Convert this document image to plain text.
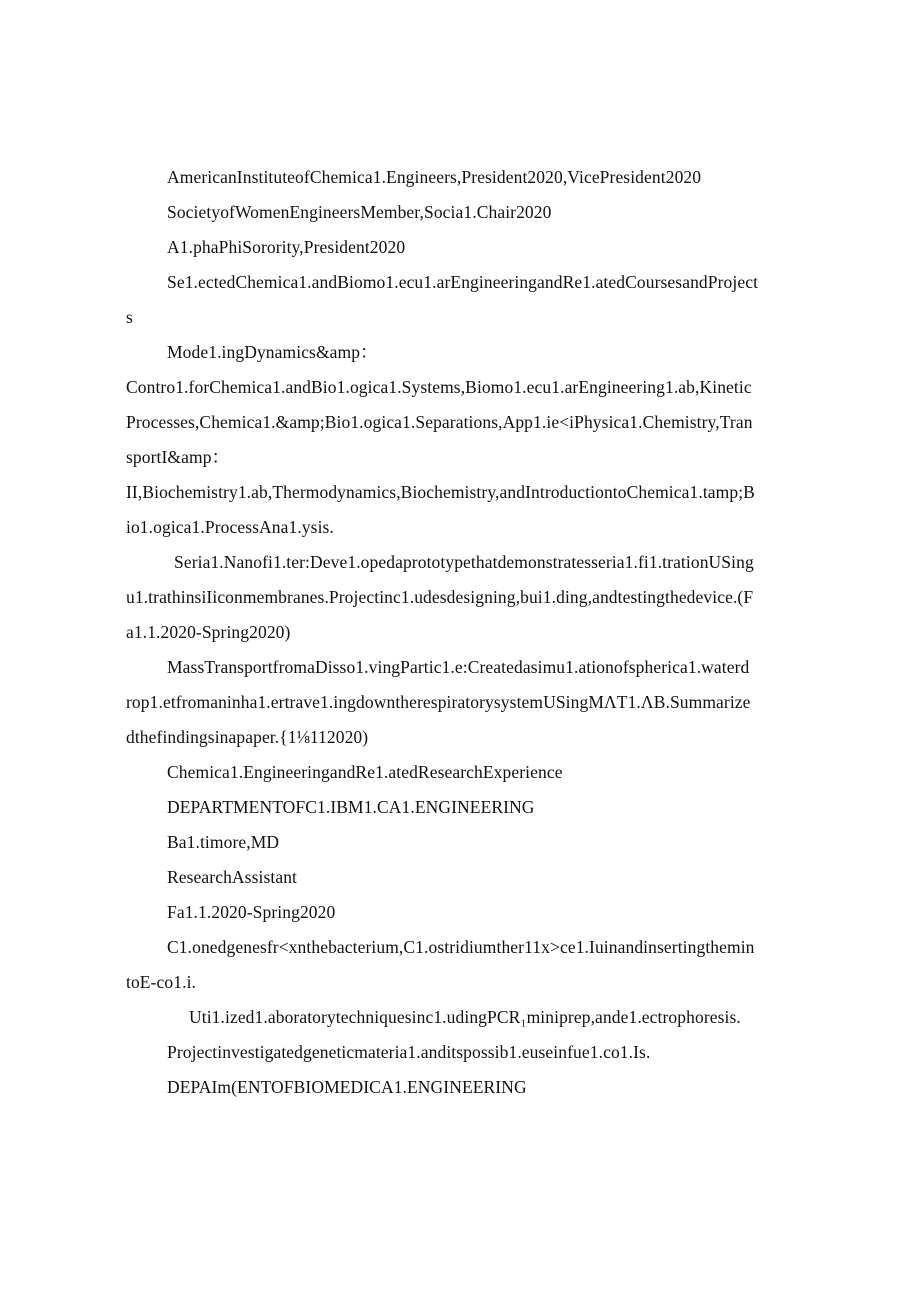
AmericanInstituteofChemica1.Engineers,President2020,VicePresident2020
SocietyofWomenEngineersMember,Socia1.Chair2020
A1.phaPhiSorority,President2020
Se1.ectedChemica1.andBiomo1.ecu1.arEngineeringandRe1.atedCoursesandProject
s
Mode1.ingDynamics&amp：
Contro1.forChemica1.andBio1.ogica1.Systems,Biomo1.ecu1.arEngineering1.ab,Kinetic
Processes,Chemica1.&amp;Bio1.ogica1.Separations,App1.ie<iPhysica1.Chemistry,Tran
sportI&amp：
II,Biochemistry1.ab,Thermodynamics,Biochemistry,andIntroductiontoChemica1.tamp;B
io1.ogica1.ProcessAna1.ysis.
Seria1.Nanofi1.ter:Deve1.opedaprototypethatdemonstratesseria1.fi1.trationUSing
u1.trathinsiIiconmembranes.Projectinc1.udesdesigning,bui1.ding,andtestingthedevice.(F
a1.1.2020-Spring2020)
MassTransportfromaDisso1.vingPartic1.e:Createdasimu1.ationofspherica1.waterd
rop1.etfromaninha1.ertrave1.ingdowntherespiratorysystemUSingMΛT1.ΛB.Summarize
dthefindingsinapaper.{1⅛112020)
Chemica1.EngineeringandRe1.atedResearchExperience
DEPARTMENTOFC1.IBM1.CA1.ENGINEERING
Ba1.timore,MD
ResearchAssistant
Fa1.1.2020-Spring2020
C1.onedgenesfr<xnthebacterium,C1.ostridiumther11x>ce1.Iuinandinsertingthemin
toE-co1.i.
Uti1.ized1.aboratorytechniquesinc1.udingPCR₁miniprep,ande1.ectrophoresis.
Projectinvestigatedgeneticmateria1.anditspossib1.euseinfue1.co1.Is.
DEPAIm(ENTOFBIOMEDICA1.ENGINEERING
